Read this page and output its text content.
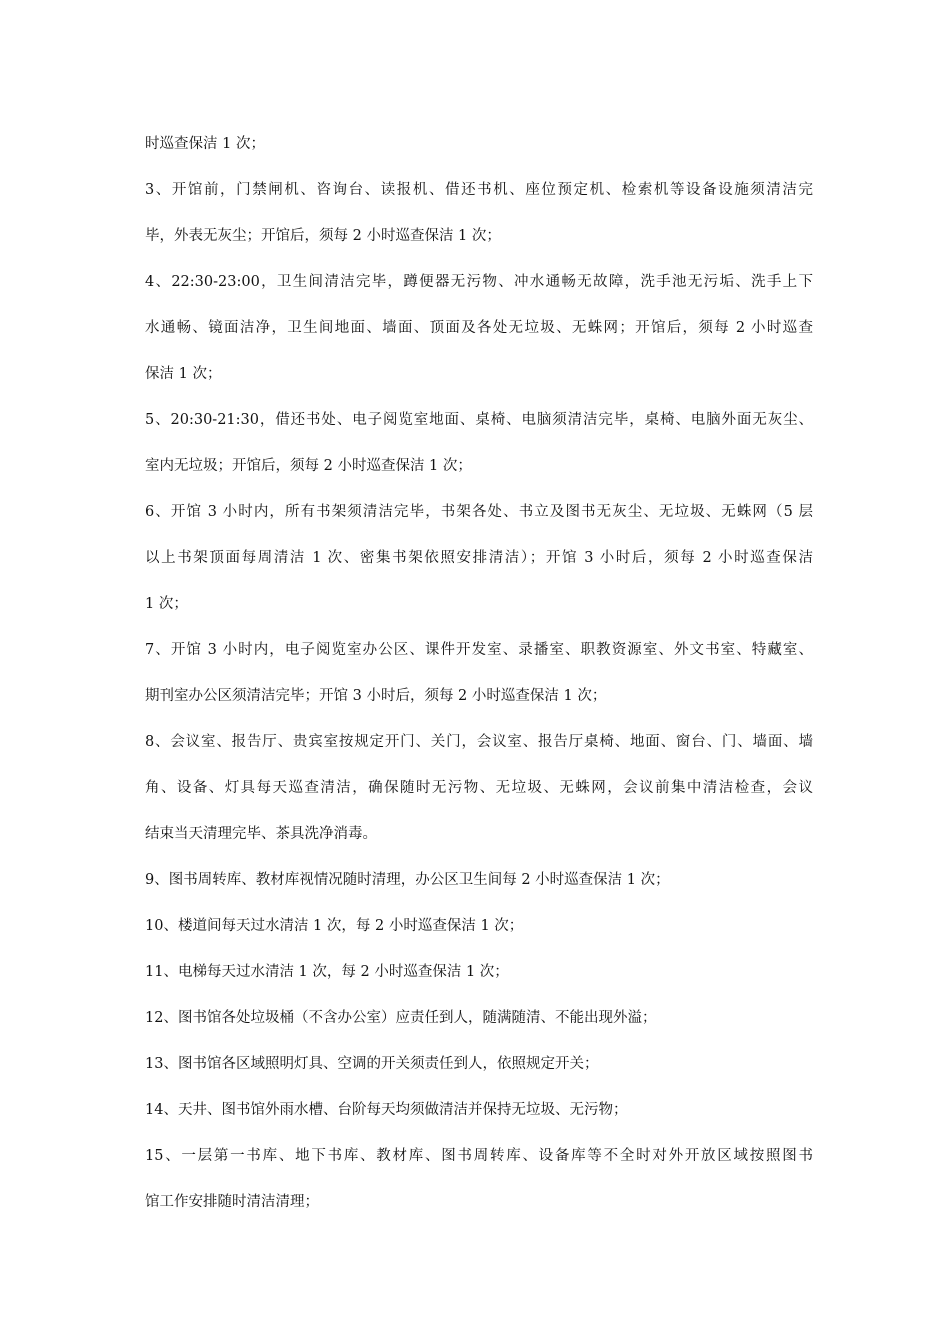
时巡查保洁 1 次；
3、开馆前，门禁闸机、咨询台、读报机、借还书机、座位预定机、检索机等设备设施须清洁完
毕，外表无灰尘；开馆后，须每 2 小时巡查保洁 1 次；
4、22:30-23:00，卫生间清洁完毕，蹲便器无污物、冲水通畅无故障，洗手池无污垢、洗手上下
水通畅、镜面洁净，卫生间地面、墙面、顶面及各处无垃圾、无蛛网；开馆后，须每 2 小时巡查
保洁 1 次；
5、20:30-21:30，借还书处、电子阅览室地面、桌椅、电脑须清洁完毕，桌椅、电脑外面无灰尘、
室内无垃圾；开馆后，须每 2 小时巡查保洁 1 次；
6、开馆 3 小时内，所有书架须清洁完毕，书架各处、书立及图书无灰尘、无垃圾、无蛛网（5 层
以上书架顶面每周清洁 1 次、密集书架依照安排清洁）；开馆 3 小时后，须每 2 小时巡查保洁
1 次；
7、开馆 3 小时内，电子阅览室办公区、课件开发室、录播室、职教资源室、外文书室、特藏室、
期刊室办公区须清洁完毕；开馆 3 小时后，须每 2 小时巡查保洁 1 次；
8、会议室、报告厅、贵宾室按规定开门、关门，会议室、报告厅桌椅、地面、窗台、门、墙面、墙
角、设备、灯具每天巡查清洁，确保随时无污物、无垃圾、无蛛网，会议前集中清洁检查，会议
结束当天清理完毕、茶具洗净消毒。
9、图书周转库、教材库视情况随时清理，办公区卫生间每 2 小时巡查保洁 1 次；
10、楼道间每天过水清洁 1 次，每 2 小时巡查保洁 1 次；
11、电梯每天过水清洁 1 次，每 2 小时巡查保洁 1 次；
12、图书馆各处垃圾桶（不含办公室）应责任到人，随满随清、不能出现外溢；
13、图书馆各区域照明灯具、空调的开关须责任到人，依照规定开关；
14、天井、图书馆外雨水槽、台阶每天均须做清洁并保持无垃圾、无污物；
15、一层第一书库、地下书库、教材库、图书周转库、设备库等不全时对外开放区域按照图书
馆工作安排随时清洁清理；
